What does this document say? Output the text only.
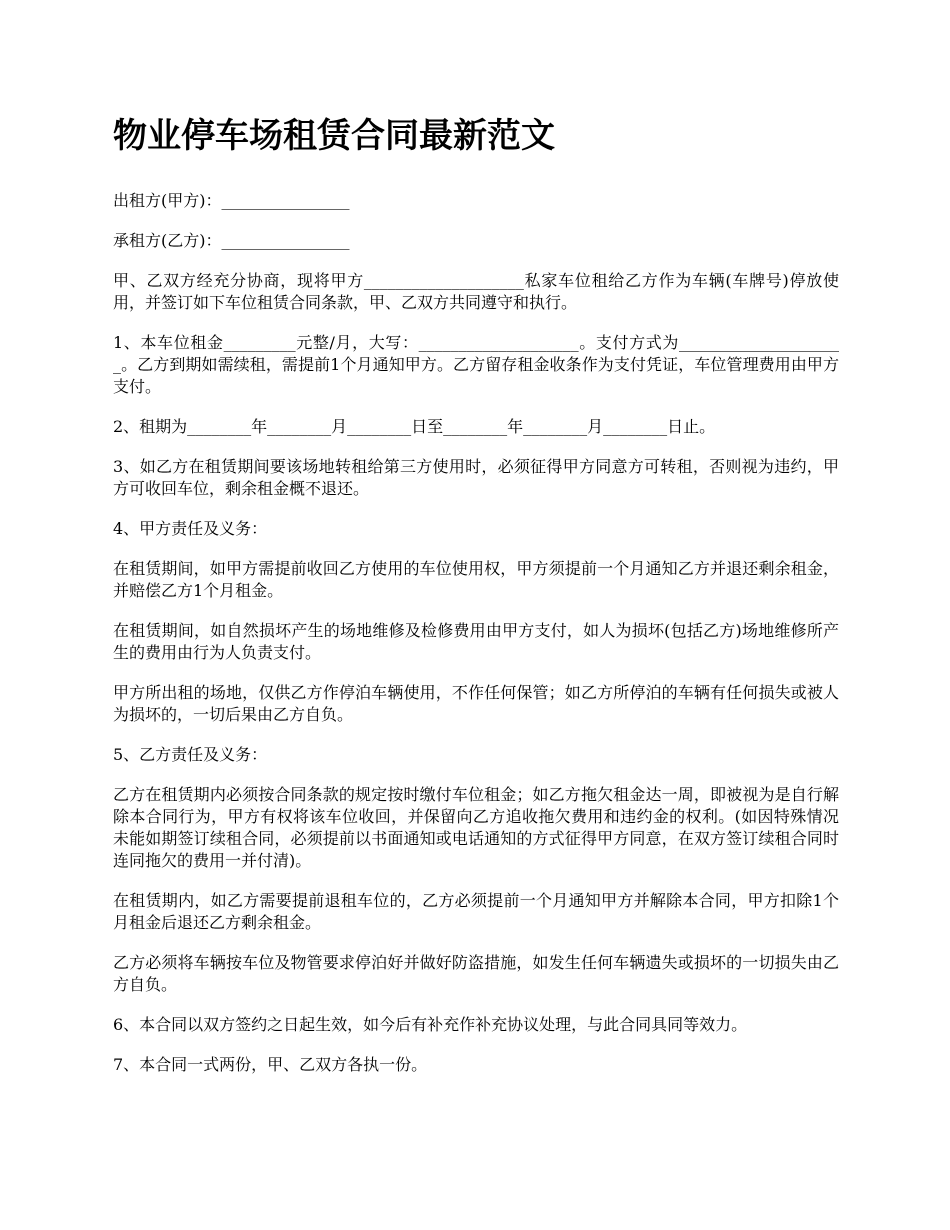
物业停车场租赁合同最新范文

出租方(甲方)：________________

承租方(乙方)：________________

甲、乙双方经充分协商，现将甲方____________________私家车位租给乙方作为车辆(车牌号)停放使用，并签订如下车位租赁合同条款，甲、乙双方共同遵守和执行。

1、本车位租金_________元整/月，大写：____________________。支付方式为_____________________。乙方到期如需续租，需提前1个月通知甲方。乙方留存租金收条作为支付凭证，车位管理费用由甲方支付。

2、租期为________年________月________日至________年________月________日止。

3、如乙方在租赁期间要该场地转租给第三方使用时，必须征得甲方同意方可转租，否则视为违约，甲方可收回车位，剩余租金概不退还。

4、甲方责任及义务：

在租赁期间，如甲方需提前收回乙方使用的车位使用权，甲方须提前一个月通知乙方并退还剩余租金，并赔偿乙方1个月租金。

在租赁期间，如自然损坏产生的场地维修及检修费用由甲方支付，如人为损坏(包括乙方)场地维修所产生的费用由行为人负责支付。

甲方所出租的场地，仅供乙方作停泊车辆使用，不作任何保管；如乙方所停泊的车辆有任何损失或被人为损坏的，一切后果由乙方自负。

5、乙方责任及义务：

乙方在租赁期内必须按合同条款的规定按时缴付车位租金；如乙方拖欠租金达一周，即被视为是自行解除本合同行为，甲方有权将该车位收回，并保留向乙方追收拖欠费用和违约金的权利。(如因特殊情况未能如期签订续租合同，必须提前以书面通知或电话通知的方式征得甲方同意，在双方签订续租合同时连同拖欠的费用一并付清)。

在租赁期内，如乙方需要提前退租车位的，乙方必须提前一个月通知甲方并解除本合同，甲方扣除1个月租金后退还乙方剩余租金。

乙方必须将车辆按车位及物管要求停泊好并做好防盗措施，如发生任何车辆遗失或损坏的一切损失由乙方自负。

6、本合同以双方签约之日起生效，如今后有补充作补充协议处理，与此合同具同等效力。

7、本合同一式两份，甲、乙双方各执一份。
